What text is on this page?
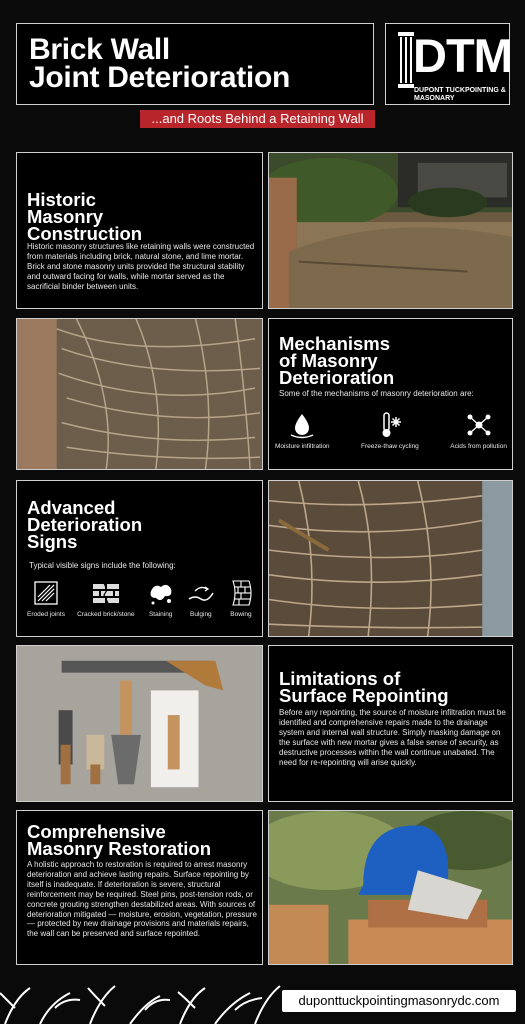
Brick Wall
Joint Deterioration	DTM
DUPONT TUCKPOINTING &
MASONARY
...and Roots Behind a Retaining Wall
Historic
Masonry
Construction

Historic masonry structures like retaining walls were constructed from materials including brick, natural stone, and lime mortar. Brick and stone masonry units provided the structural stability and outward facing for walls, while mortar served as the sacrificial binder between units.

Mechanisms
of Masonry
Deterioration

Some of the mechanisms of masonry deterioration are:

Moisture infiltration	Freeze-thaw cycling	Acids from pollution
Advanced
Deterioration
Signs

Typical visible signs include the following:

Eroded joints Cracked brick/stone Staining	Bulging	Bowing
Limitations of
Surface Repointing

Before any repointing, the source of moisture infiltration must be identified and comprehensive repairs made to the drainage system and internal wall structure. Simply masking damage on the surface with new mortar gives a false sense of security, as destructive processes within the wall continue unabated. The need for re-repointing will arise quickly.

Comprehensive
Masonry Restoration

A holistic approach to restoration is required to arrest masonry deterioration and achieve lasting repairs. Surface repointing by itself is inadequate. If deterioration is severe, structural reinforcement may be required. Steel pins, post-tension rods, or concrete grouting strengthen destabilized areas. With sources of deterioration mitigated — moisture, erosion, vegetation, pressure — protected by new drainage provisions and materials repairs, the wall can be preserved and surface repointed.

duponttuckpointingmasonrydc.com
